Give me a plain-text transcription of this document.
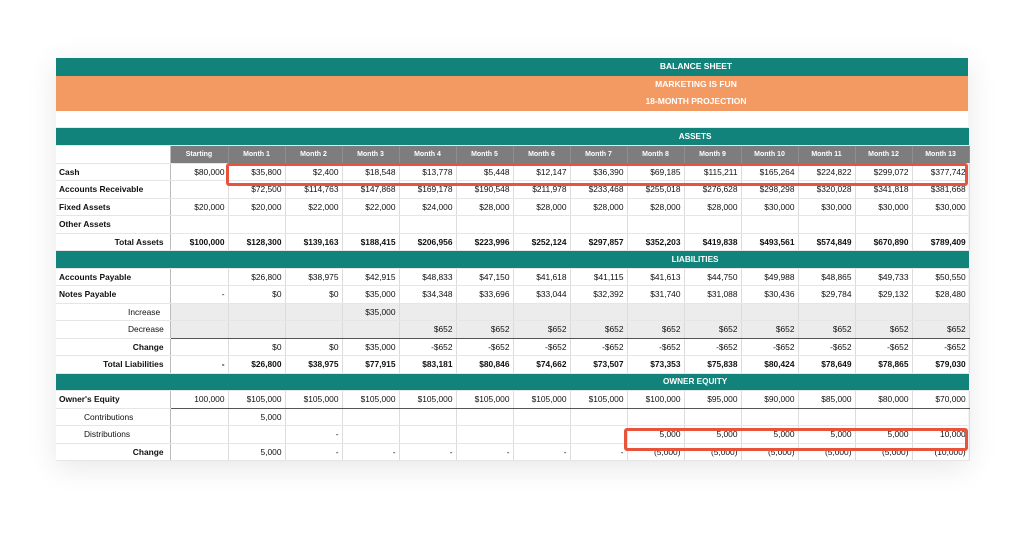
BALANCE SHEET
MARKETING IS FUN
18-MONTH PROJECTION
ASSETS														
	Starting	Month 1	Month 2	Month 3	Month 4	Month 5	Month 6	Month 7	Month 8	Month 9	Month 10	Month 11	Month 12	Month 13
Cash	$80,000	$35,800	$2,400	$18,548	$13,778	$5,448	$12,147	$36,390	$69,185	$115,211	$165,264	$224,822	$299,072	$377,742
Accounts Receivable		$72,500	$114,763	$147,868	$169,178	$190,548	$211,978	$233,468	$255,018	$276,628	$298,298	$320,028	$341,818	$381,668
Fixed Assets	$20,000	$20,000	$22,000	$22,000	$24,000	$28,000	$28,000	$28,000	$28,000	$28,000	$30,000	$30,000	$30,000	$30,000
Other Assets														
Total Assets	$100,000	$128,300	$139,163	$188,415	$206,956	$223,996	$252,124	$297,857	$352,203	$419,838	$493,561	$574,849	$670,890	$789,409
LIABILITIES														
Accounts Payable		$26,800	$38,975	$42,915	$48,833	$47,150	$41,618	$41,115	$41,613	$44,750	$49,988	$48,865	$49,733	$50,550
Notes Payable	-	$0	$0	$35,000	$34,348	$33,696	$33,044	$32,392	$31,740	$31,088	$30,436	$29,784	$29,132	$28,480
Increase				$35,000										
Decrease					$652	$652	$652	$652	$652	$652	$652	$652	$652	$652
Change		$0	$0	$35,000	-$652	-$652	-$652	-$652	-$652	-$652	-$652	-$652	-$652	-$652
Total Liabilities	-	$26,800	$38,975	$77,915	$83,181	$80,846	$74,662	$73,507	$73,353	$75,838	$80,424	$78,649	$78,865	$79,030
OWNER EQUITY														
Owner's Equity	100,000	$105,000	$105,000	$105,000	$105,000	$105,000	$105,000	$105,000	$100,000	$95,000	$90,000	$85,000	$80,000	$70,000
Contributions		5,000												
Distributions			-						5,000	5,000	5,000	5,000	5,000	10,000
Change		5,000	-	-	-	-	-	-	(5,000)	(5,000)	(5,000)	(5,000)	(5,000)	(10,000)
